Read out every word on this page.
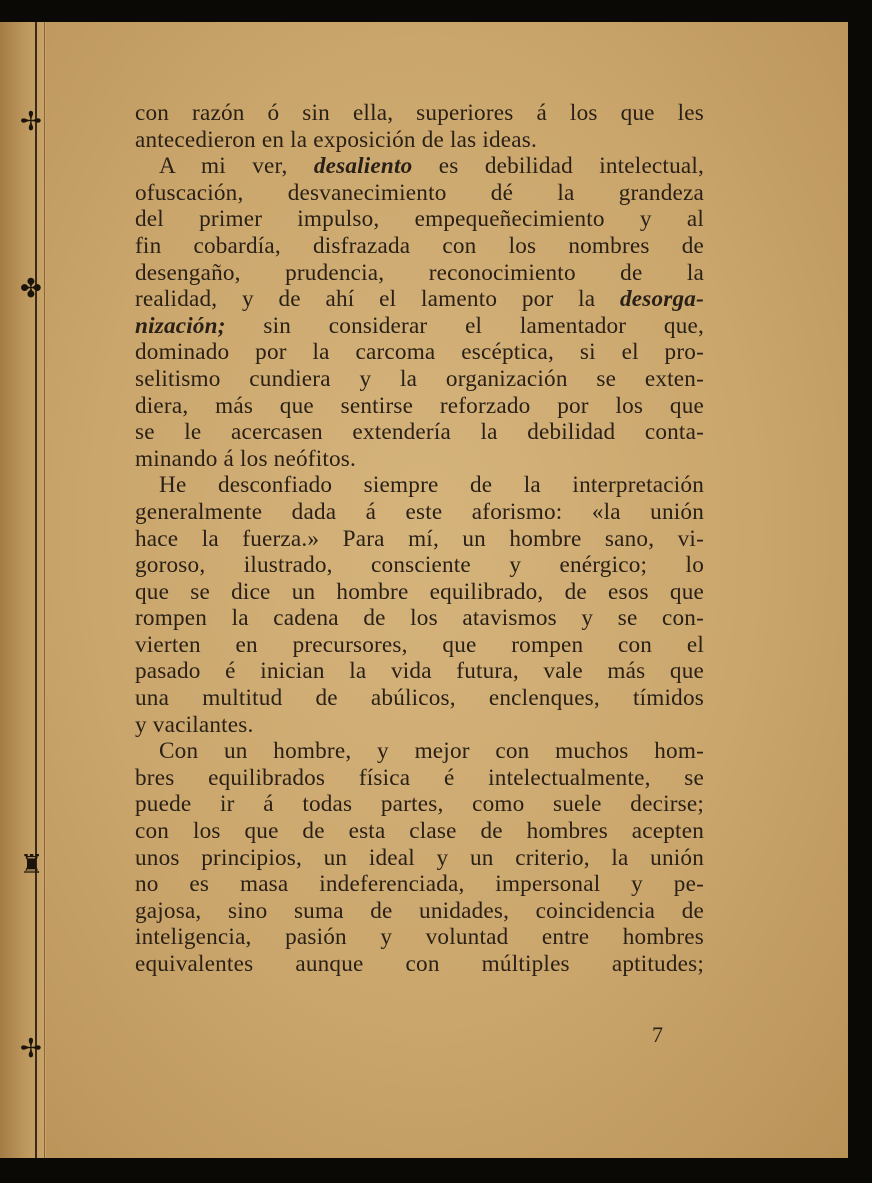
✢
✤
♜
✢
con razón ó sin ella, superiores á los que les
antecedieron en la exposición de las ideas.
A mi ver, desaliento es debilidad intelectual,
ofuscación, desvanecimiento dé la grandeza
del primer impulso, empequeñecimiento y al
fin cobardía, disfrazada con los nombres de
desengaño, prudencia, reconocimiento de la
realidad, y de ahí el lamento por la desorga-
nización; sin considerar el lamentador que,
dominado por la carcoma escéptica, si el pro-
selitismo cundiera y la organización se exten-
diera, más que sentirse reforzado por los que
se le acercasen extendería la debilidad conta-
minando á los neófitos.
He desconfiado siempre de la interpretación
generalmente dada á este aforismo: «la unión
hace la fuerza.» Para mí, un hombre sano, vi-
goroso, ilustrado, consciente y enérgico; lo
que se dice un hombre equilibrado, de esos que
rompen la cadena de los atavismos y se con-
vierten en precursores, que rompen con el
pasado é inician la vida futura, vale más que
una multitud de abúlicos, enclenques, tímidos
y vacilantes.
Con un hombre, y mejor con muchos hom-
bres equilibrados física é intelectualmente, se
puede ir á todas partes, como suele decirse;
con los que de esta clase de hombres acepten
unos principios, un ideal y un criterio, la unión
no es masa indeferenciada, impersonal y pe-
gajosa, sino suma de unidades, coincidencia de
inteligencia, pasión y voluntad entre hombres
equivalentes aunque con múltiples aptitudes;
7
